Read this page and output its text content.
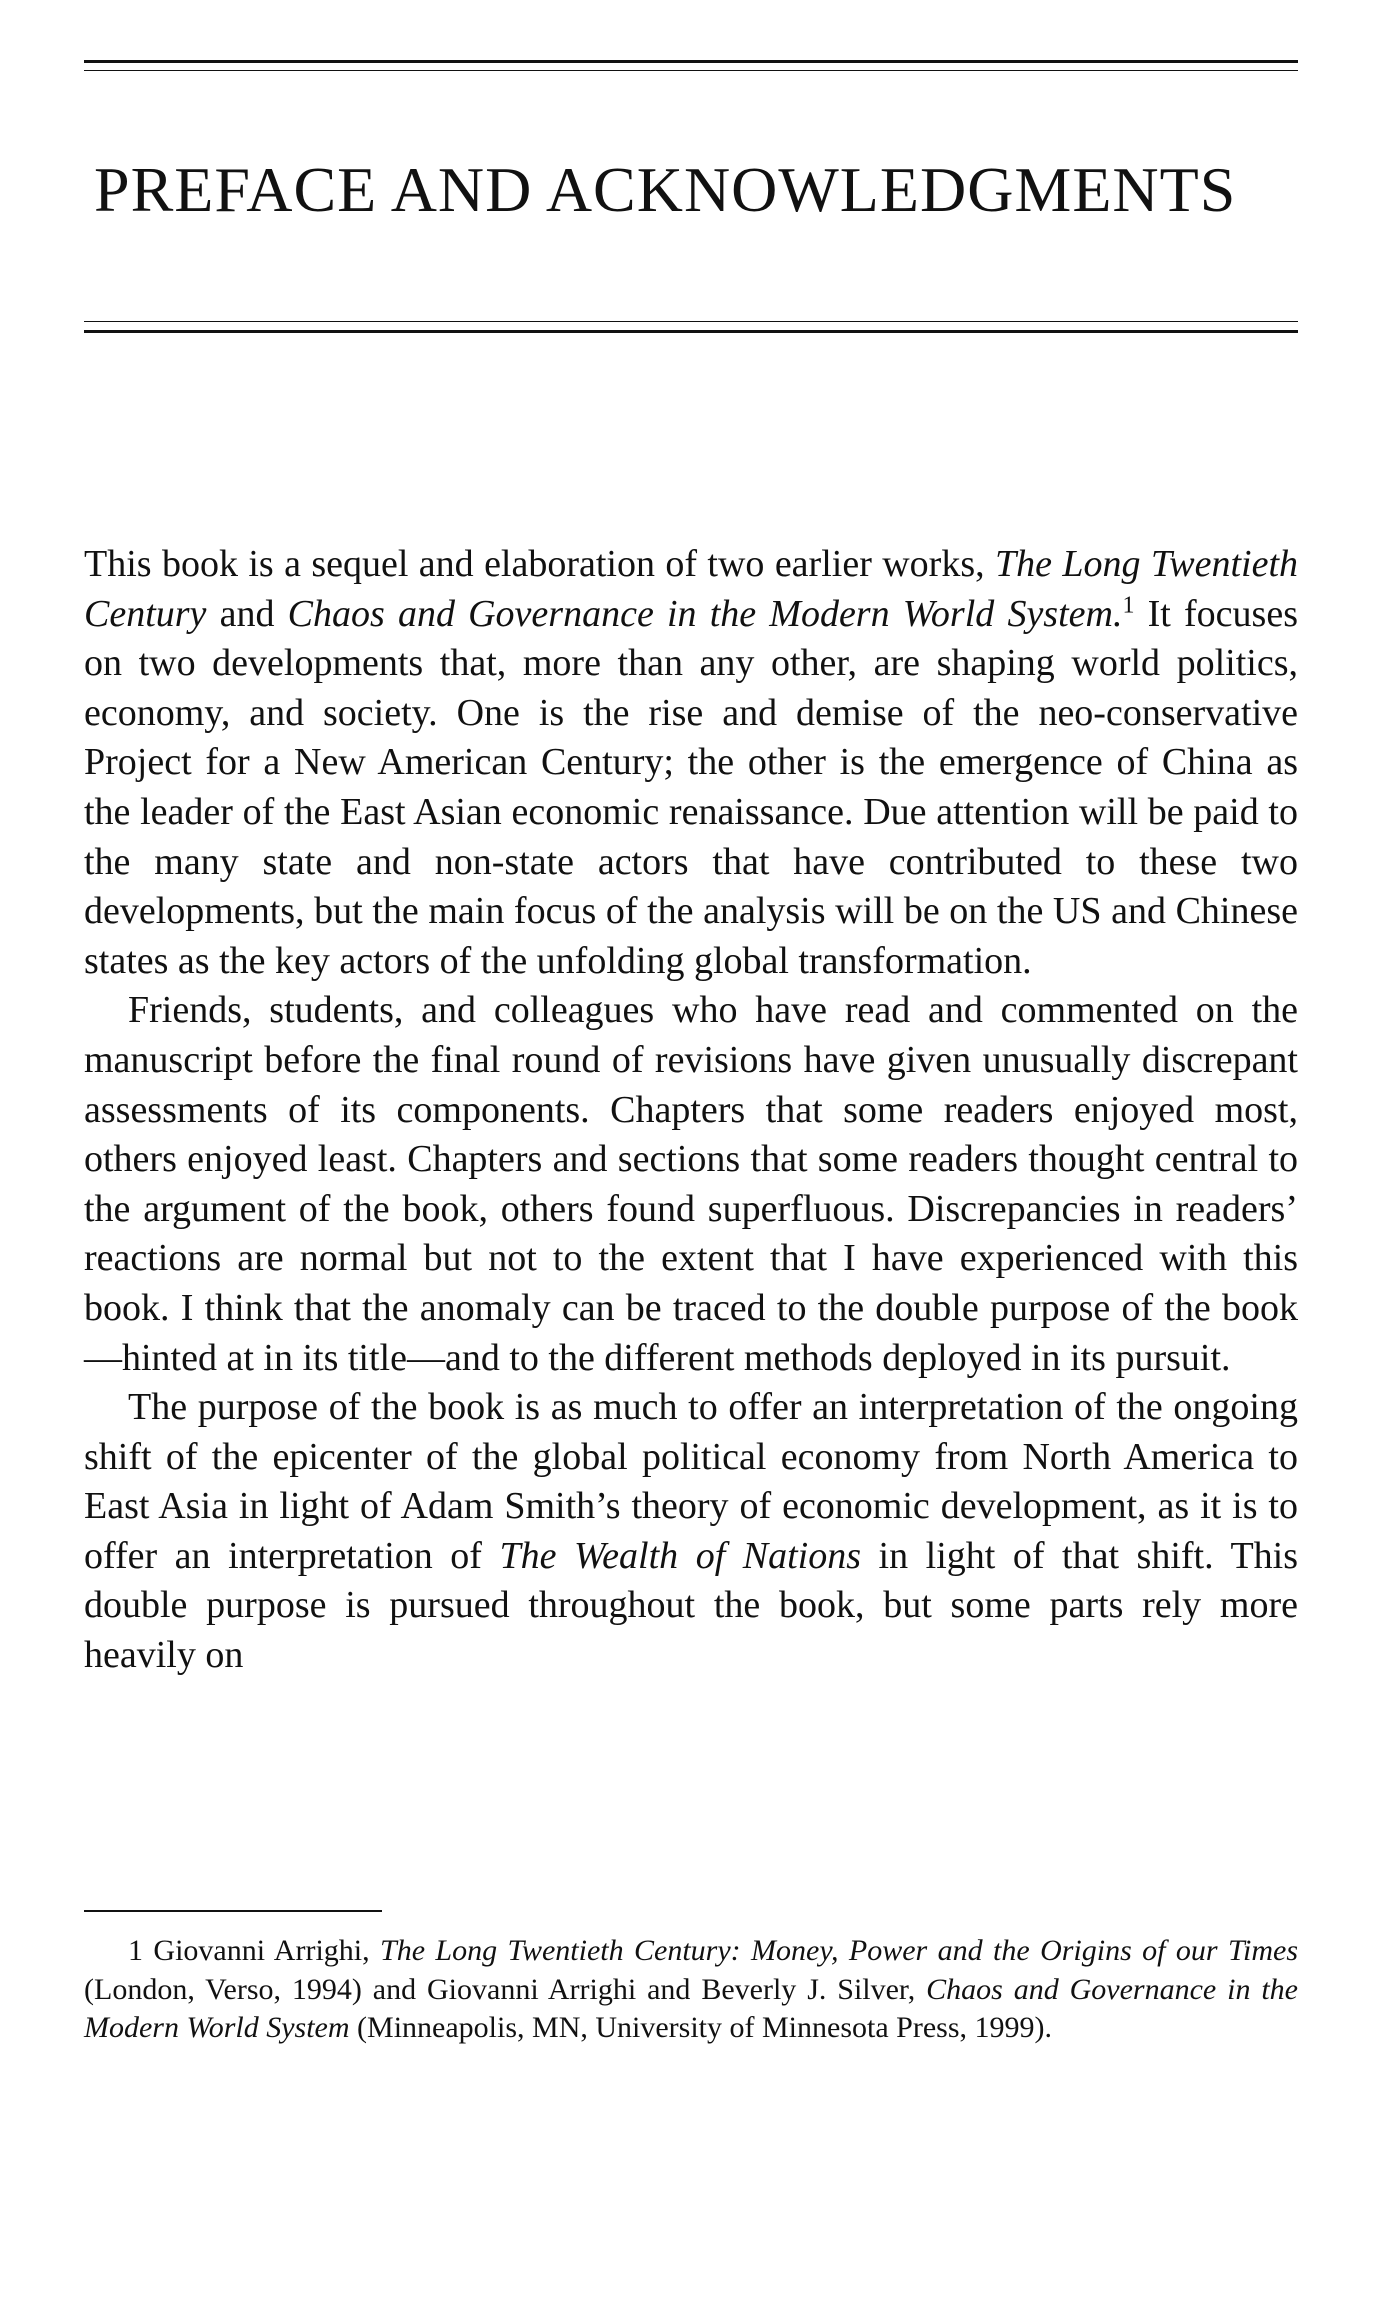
PREFACE AND ACKNOWLEDGMENTS

This book is a sequel and elaboration of two earlier works, The Long Twentieth Century and Chaos and Governance in the Modern World System.$^1$ It focuses on two developments that, more than any other, are shaping world politics, economy, and society. One is the rise and demise of the neo-conservative Project for a New American Century; the other is the emergence of China as the leader of the East Asian economic renaissance. Due attention will be paid to the many state and non-state actors that have contributed to these two developments, but the main focus of the analysis will be on the US and Chinese states as the key actors of the unfolding global transformation.

Friends, students, and colleagues who have read and commented on the manuscript before the final round of revisions have given unusually discrepant assessments of its components. Chapters that some readers enjoyed most, others enjoyed least. Chapters and sections that some readers thought central to the argument of the book, others found superfluous. Discrepancies in readers’ reactions are normal but not to the extent that I have experienced with this book. I think that the anomaly can be traced to the double purpose of the book—hinted at in its title—and to the different methods deployed in its pursuit.

The purpose of the book is as much to offer an interpretation of the ongoing shift of the epicenter of the global political economy from North America to East Asia in light of Adam Smith’s theory of economic development, as it is to offer an interpretation of The Wealth of Nations in light of that shift. This double purpose is pursued throughout the book, but some parts rely more heavily on

1 Giovanni Arrighi, The Long Twentieth Century: Money, Power and the Origins of our Times (London, Verso, 1994) and Giovanni Arrighi and Beverly J. Silver, Chaos and Governance in the Modern World System (Minneapolis, MN, University of Minnesota Press, 1999).
